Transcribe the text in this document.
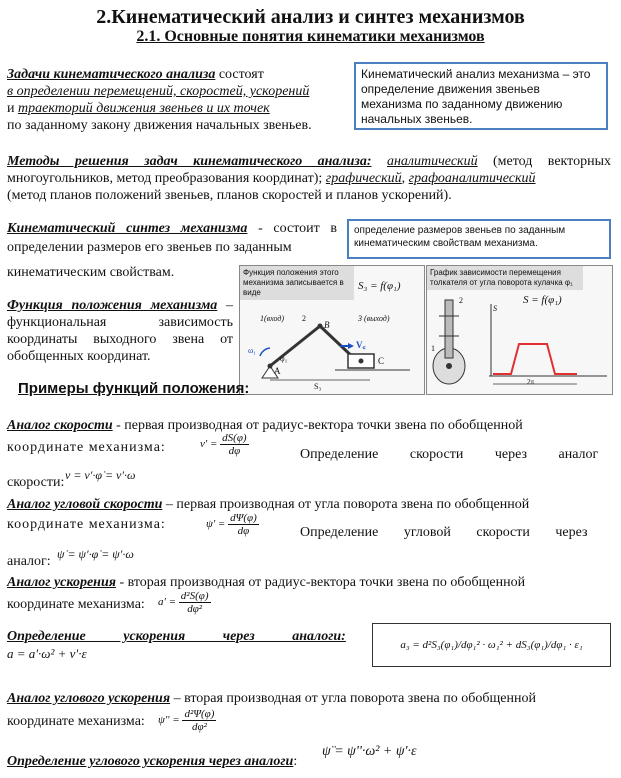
2.Кинематический анализ и синтез механизмов
2.1. Основные понятия кинематики механизмов
Задачи кинематического анализа состоят
в определении перемещений, скоростей, ускорений
и траекторий движения звеньев и их точек
по заданному закону движения начальных звеньев.
Кинематический анализ механизма – это определение движения звеньев механизма по заданному движению начальных звеньев.
Методы решения задач кинематического анализа: аналитический (метод векторных многоугольников, метод преобразования координат); графический, графоаналитический
(метод планов положений звеньев, планов скоростей и планов ускорений).
Кинематический синтез механизма - состоит в определении размеров его звеньев по заданным
кинематическим свойствам.
определение размеров звеньев по заданным кинематическим свойствам механизма.
Функция положения этого механизма записывается в виде
S₃ = f(φ₁)
1(вход) 2	3 (выход)
A
B
C
ω₁
φ₁
V꜀
S₃
График зависимости перемещения толкателя от угла поворота кулачка φ₁
S = f(φ₁)
2
1
S
2π
Функция положения механизма – функциональная зависимость координаты выходного звена от обобщенных координат.
Примеры функций положения:
Аналог скорости - первая производная от радиус-вектора точки звена по обобщенной
координате механизма:	$v' = \frac{dS(\varphi)}{d\varphi}$	Определение скорости через аналог
скорости: v = v'·φ̇ = v'·ω
Аналог угловой скорости – первая производная от угла поворота звена по обобщенной
координате механизма:	$\psi' = \frac{d\Psi(\varphi)}{d\varphi}$	Определение угловой скорости через
аналог: ψ̇ = ψ'·φ̇ = ψ'·ω
Аналог ускорения - вторая производная от радиус-вектора точки звена по обобщенной
координате механизма: $a' = \frac{\text{d²S(φ)}}{\text{dφ²}}$
Определение ускорения через аналоги:
a = a'·ω² + v'·ε
a₃ = d²S₃(φ₁)/dφ₁² · ω₁² + dS₃(φ₁)/dφ₁ · ε₁
Аналог углового ускорения – вторая производная от угла поворота звена по обобщенной
координате механизма: $\psi'' = \frac{\text{d²Ψ(φ)}}{\text{dφ²}}$
Определение углового ускорения через аналоги:
ψ̈ = ψ''·ω² + ψ'·ε
